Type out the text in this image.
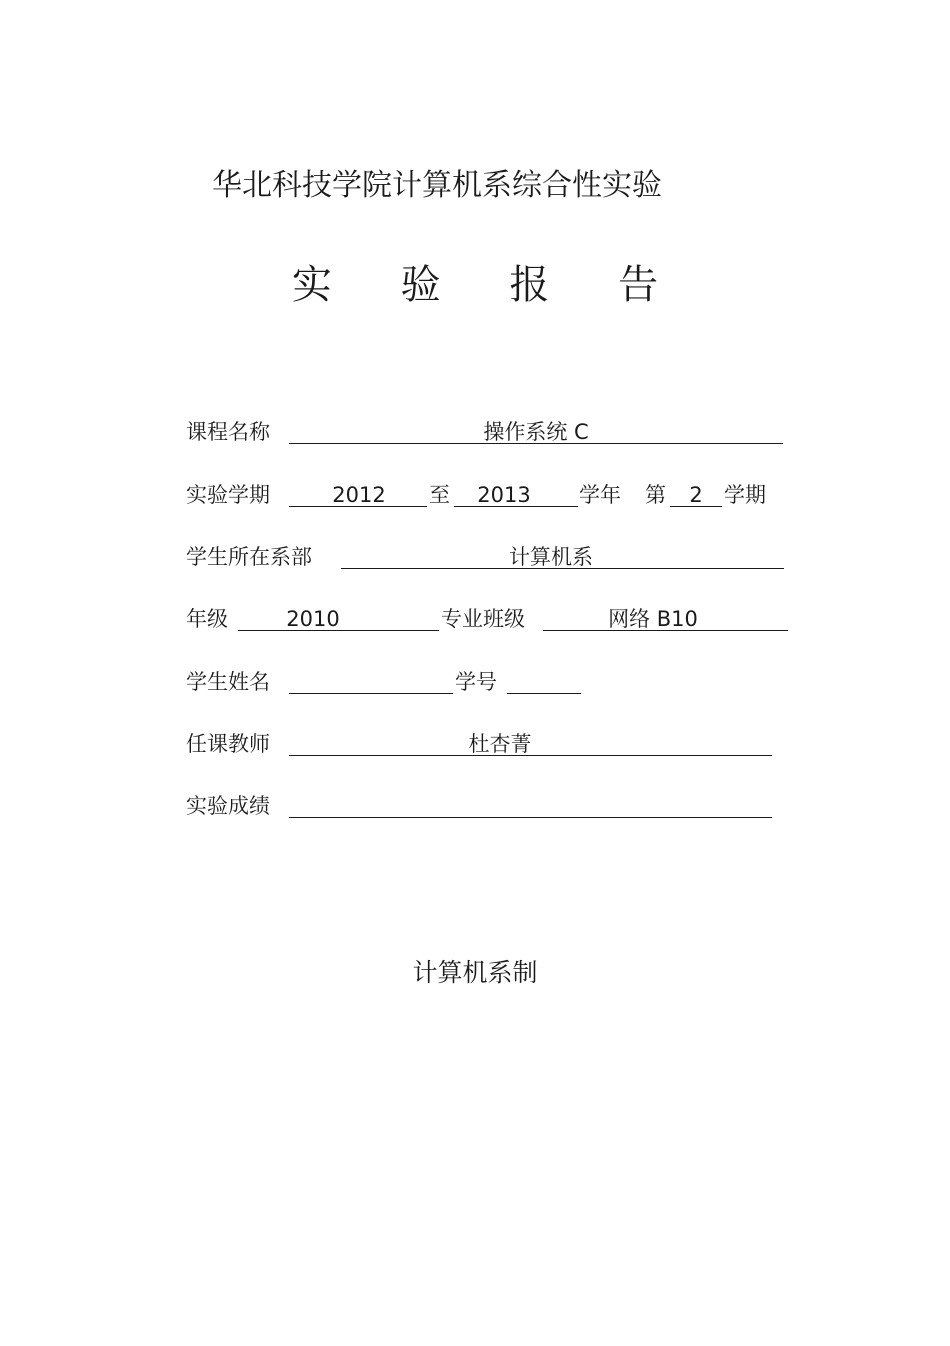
华北科技学院计算机系综合性实验
实 验 报 告
课程名称	操作系统 C
实验学期	2012	至	2013	学年 第	2	学期
学生所在系部	计算机系
年级	2010	专业班级	网络 B10
学生姓名	学号
任课教师	杜杏菁
实验成绩
计算机系制
